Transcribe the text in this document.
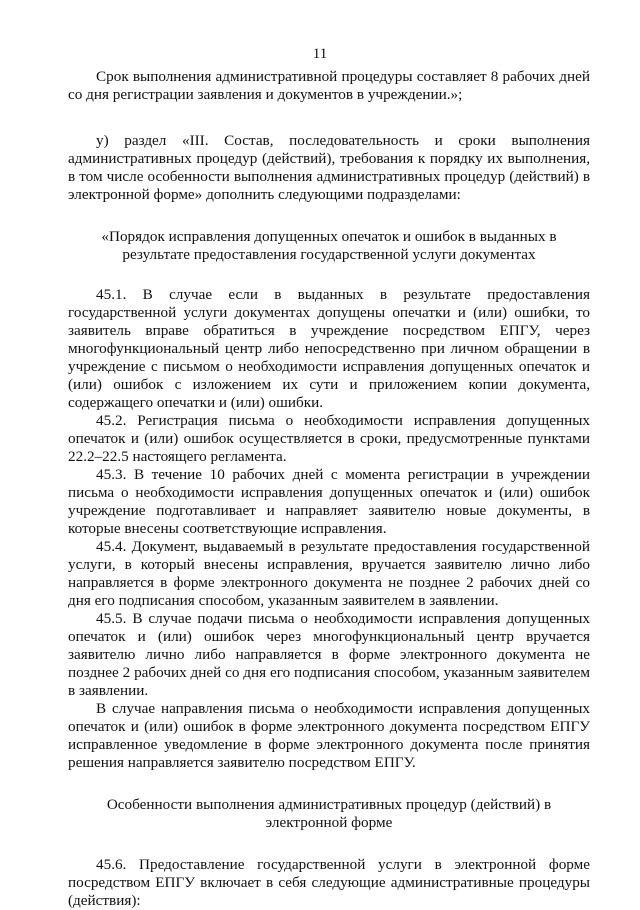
11

Срок выполнения административной процедуры составляет 8 рабочих дней со дня регистрации заявления и документов в учреждении.»;

у) раздел «III. Состав, последовательность и сроки выполнения административных процедур (действий), требования к порядку их выполнения, в том числе особенности выполнения административных процедур (действий) в электронной форме» дополнить следующими подразделами:

«Порядок исправления допущенных опечаток и ошибок в выданных в результате предоставления государственной услуги документах

45.1. В случае если в выданных в результате предоставления государственной услуги документах допущены опечатки и (или) ошибки, то заявитель вправе обратиться в учреждение посредством ЕПГУ, через многофункциональный центр либо непосредственно при личном обращении в учреждение с письмом о необходимости исправления допущенных опечаток и (или) ошибок с изложением их сути и приложением копии документа, содержащего опечатки и (или) ошибки.

45.2. Регистрация письма о необходимости исправления допущенных опечаток и (или) ошибок осуществляется в сроки, предусмотренные пунктами 22.2–22.5 настоящего регламента.

45.3. В течение 10 рабочих дней с момента регистрации в учреждении письма о необходимости исправления допущенных опечаток и (или) ошибок учреждение подготавливает и направляет заявителю новые документы, в которые внесены соответствующие исправления.

45.4. Документ, выдаваемый в результате предоставления государственной услуги, в который внесены исправления, вручается заявителю лично либо направляется в форме электронного документа не позднее 2 рабочих дней со дня его подписания способом, указанным заявителем в заявлении.

45.5. В случае подачи письма о необходимости исправления допущенных опечаток и (или) ошибок через многофункциональный центр вручается заявителю лично либо направляется в форме электронного документа не позднее 2 рабочих дней со дня его подписания способом, указанным заявителем в заявлении.

В случае направления письма о необходимости исправления допущенных опечаток и (или) ошибок в форме электронного документа посредством ЕПГУ исправленное уведомление в форме электронного документа после принятия решения направляется заявителю посредством ЕПГУ.

Особенности выполнения административных процедур (действий) в электронной форме

45.6. Предоставление государственной услуги в электронной форме посредством ЕПГУ включает в себя следующие административные процедуры (действия):
